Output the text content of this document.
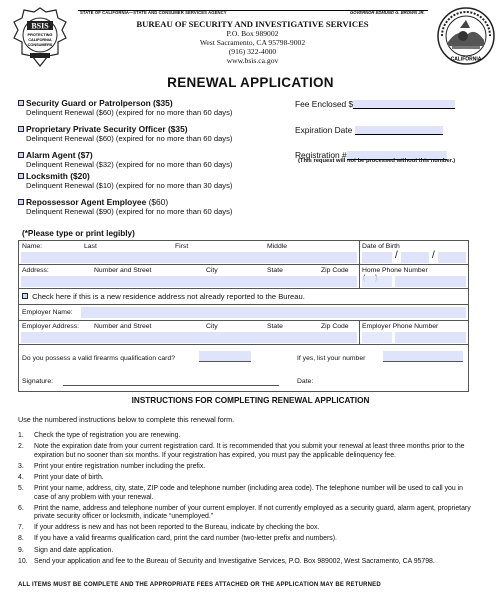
STATE OF CALIFORNIA—STATE AND CONSUMER SERVICES AGENCY	GOVERNOR EDMUND G. BROWN JR.
BUREAU OF SECURITY AND INVESTIGATIVE SERVICES
P.O. Box 989002
West Sacramento, CA 95798-9002
(916) 322-4000
www.bsis.ca.gov
BSIS
PROTECTING
CALIFORNIA
CONSUMERS
CALIFORNIA
RENEWAL APPLICATION
Security Guard or Patrolperson ($35)
Delinquent Renewal ($60) (expired for no more than 60 days)
Proprietary Private Security Officer ($35)
Delinquent Renewal ($60) (expired for no more than 60 days)
Alarm Agent ($7)
Delinquent Renewal ($32) (expired for no more than 60 days)
Locksmith ($20)
Delinquent Renewal ($10) (expired for no more than 30 days)
Repossessor Agent Employee ($60)
Delinquent Renewal ($90) (expired for no more than 60 days)
Fee Enclosed $
Expiration Date
Registration #
(This request will not be processed without this number.)
(*Please type or print legibly)
Name:	Last	First	Middle	Date of Birth
/	/
Address:	Number and Street	City	State	Zip Code Home Phone Number
Check here if this is a new residence address not already reported to the Bureau.
Employer Name:
Employer Address: Number and Street	City	State	Zip Code Employer Phone Number
Do you possess a valid firearms qualification card?	If yes, list your number
Signature:	Date:
INSTRUCTIONS FOR COMPLETING RENEWAL APPLICATION
Use the numbered instructions below to complete this renewal form.
1. Check the type of registration you are renewing.
2. Note the expiration date from your current registration card. It is recommended that you submit your renewal at least three months prior to the expiration but no sooner than six months. If your registration has expired, you must pay the applicable delinquency fee.
3. Print your entire registration number including the prefix.
4. Print your date of birth.
5. Print your name, address, city, state, ZIP code and telephone number (including area code). The telephone number will be used to call you in case of any problem with your renewal.
6. Print the name, address and telephone number of your current employer. If not currently employed as a security guard, alarm agent, proprietary private security officer or locksmith, indicate “unemployed.”
7. If your address is new and has not been reported to the Bureau, indicate by checking the box.
8. If you have a valid firearms qualification card, print the card number (two-letter prefix and numbers).
9. Sign and date application.
10. Send your application and fee to the Bureau of Security and Investigative Services, P.O. Box 989002, West Sacramento, CA 95798.
ALL ITEMS MUST BE COMPLETE AND THE APPROPRIATE FEES ATTACHED OR THE APPLICATION MAY BE RETURNED
